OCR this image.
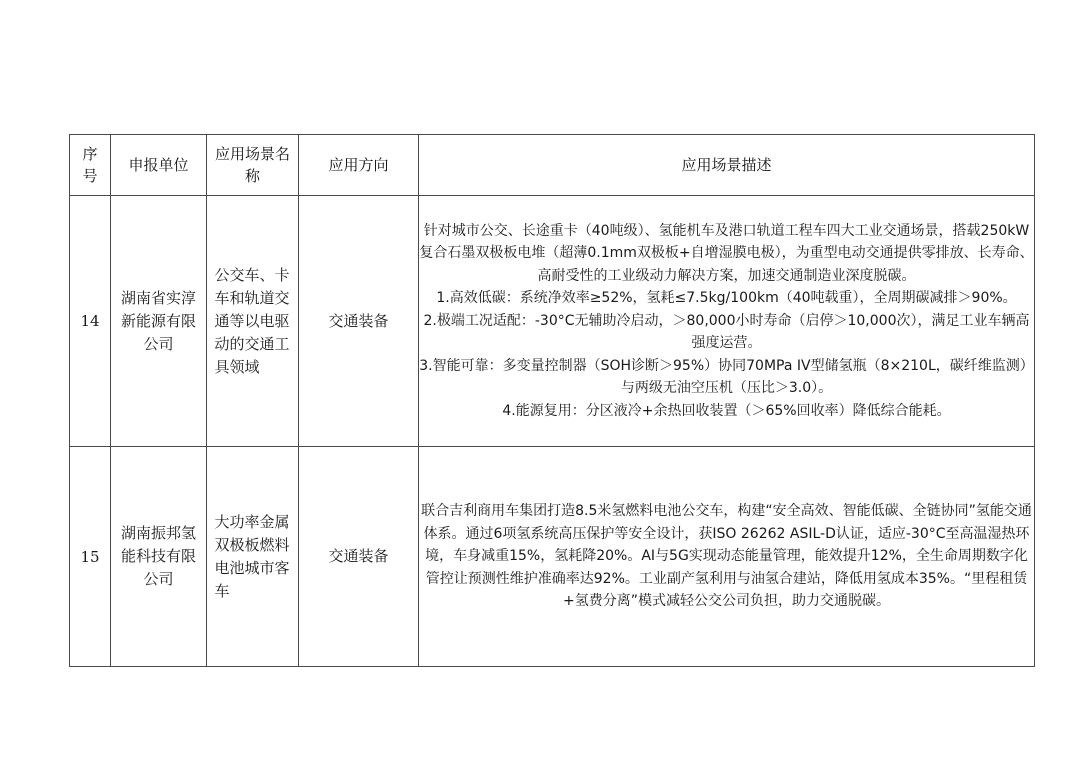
序号	申报单位	应用场景名称	应用方向	应用场景描述
14	湖南省实淳新能源有限公司	公交车、卡车和轨道交通等以电驱动的交通工具领域	交通装备	针对城市公交、长途重卡（40吨级）、氢能机车及港口轨道工程车四大工业交通场景，搭载250kW复合石墨双极板电堆（超薄0.1mm双极板+自增湿膜电极），为重型电动交通提供零排放、长寿命、高耐受性的工业级动力解决方案，加速交通制造业深度脱碳。

1.高效低碳：系统净效率≥52%，氢耗≤7.5kg/100km（40吨载重），全周期碳减排＞90%。

2.极端工况适配：-30°C无辅助冷启动，＞80,000小时寿命（启停＞10,000次），满足工业车辆高强度运营。

3.智能可靠：多变量控制器（SOH诊断＞95%）协同70MPa IV型储氢瓶（8×210L，碳纤维监测）与两级无油空压机（压比＞3.0）。

4.能源复用：分区液冷+余热回收装置（＞65%回收率）降低综合能耗。

15	湖南振邦氢能科技有限公司	大功率金属双极板燃料电池城市客车	交通装备	联合吉利商用车集团打造8.5米氢燃料电池公交车，构建“安全高效、智能低碳、全链协同”氢能交通体系。通过6项氢系统高压保护等安全设计，获ISO 26262 ASIL-D认证，适应-30°C至高温湿热环境，车身减重15%，氢耗降20%。AI与5G实现动态能量管理，能效提升12%，全生命周期数字化管控让预测性维护准确率达92%。工业副产氢利用与油氢合建站，降低用氢成本35%。“里程租赁+氢费分离”模式减轻公交公司负担，助力交通脱碳。
